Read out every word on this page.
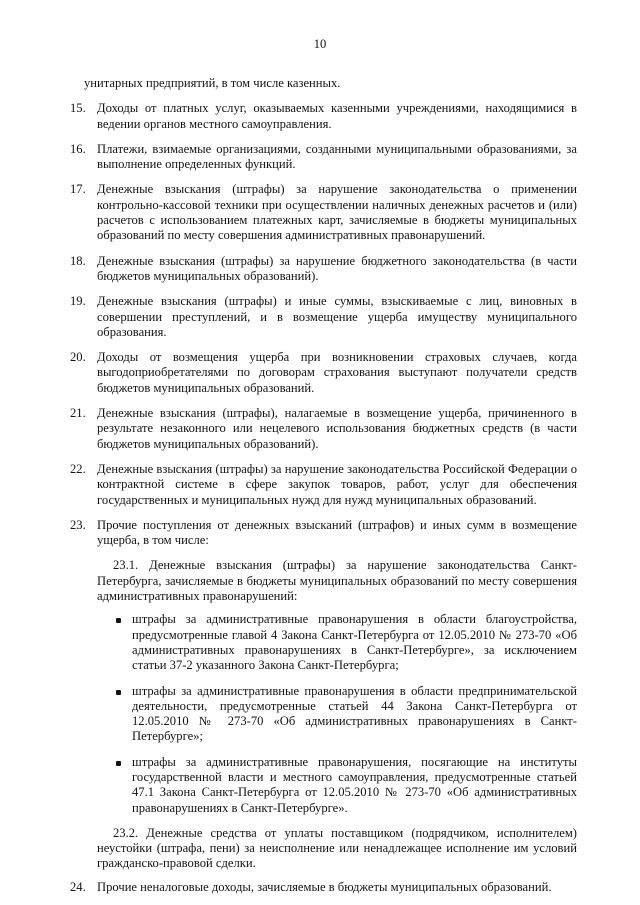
10
унитарных предприятий, в том числе казенных.
15. Доходы от платных услуг, оказываемых казенными учреждениями, находящимися в ведении органов местного самоуправления.
16. Платежи, взимаемые организациями, созданными муниципальными образованиями, за выполнение определенных функций.
17. Денежные взыскания (штрафы) за нарушение законодательства о применении контрольно-кассовой техники при осуществлении наличных денежных расчетов и (или) расчетов с использованием платежных карт, зачисляемые в бюджеты муниципальных образований по месту совершения административных правонарушений.
18. Денежные взыскания (штрафы) за нарушение бюджетного законодательства (в части бюджетов муниципальных образований).
19. Денежные взыскания (штрафы) и иные суммы, взыскиваемые с лиц, виновных в совершении преступлений, и в возмещение ущерба имуществу муниципального образования.
20. Доходы от возмещения ущерба при возникновении страховых случаев, когда выгодоприобретателями по договорам страхования выступают получатели средств бюджетов муниципальных образований.
21. Денежные взыскания (штрафы), налагаемые в возмещение ущерба, причиненного в результате незаконного или нецелевого использования бюджетных средств (в части бюджетов муниципальных образований).
22. Денежные взыскания (штрафы) за нарушение законодательства Российской Федерации о контрактной системе в сфере закупок товаров, работ, услуг для обеспечения государственных и муниципальных нужд для нужд муниципальных образований.
23. Прочие поступления от денежных взысканий (штрафов) и иных сумм в возмещение ущерба, в том числе:
23.1. Денежные взыскания (штрафы) за нарушение законодательства Санкт-Петербурга, зачисляемые в бюджеты муниципальных образований по месту совершения административных правонарушений:
штрафы за административные правонарушения в области благоустройства, предусмотренные главой 4 Закона Санкт-Петербурга от 12.05.2010 № 273-70 «Об административных правонарушениях в Санкт-Петербурге», за исключением статьи 37-2 указанного Закона Санкт-Петербурга;
штрафы за административные правонарушения в области предпринимательской деятельности, предусмотренные статьей 44 Закона Санкт-Петербурга от 12.05.2010 № 273-70 «Об административных правонарушениях в Санкт-Петербурге»;
штрафы за административные правонарушения, посягающие на институты государственной власти и местного самоуправления, предусмотренные статьей 47.1 Закона Санкт-Петербурга от 12.05.2010 № 273-70 «Об административных правонарушениях в Санкт-Петербурге».
23.2. Денежные средства от уплаты поставщиком (подрядчиком, исполнителем) неустойки (штрафа, пени) за неисполнение или ненадлежащее исполнение им условий гражданско-правовой сделки.
24. Прочие неналоговые доходы, зачисляемые в бюджеты муниципальных образований.
